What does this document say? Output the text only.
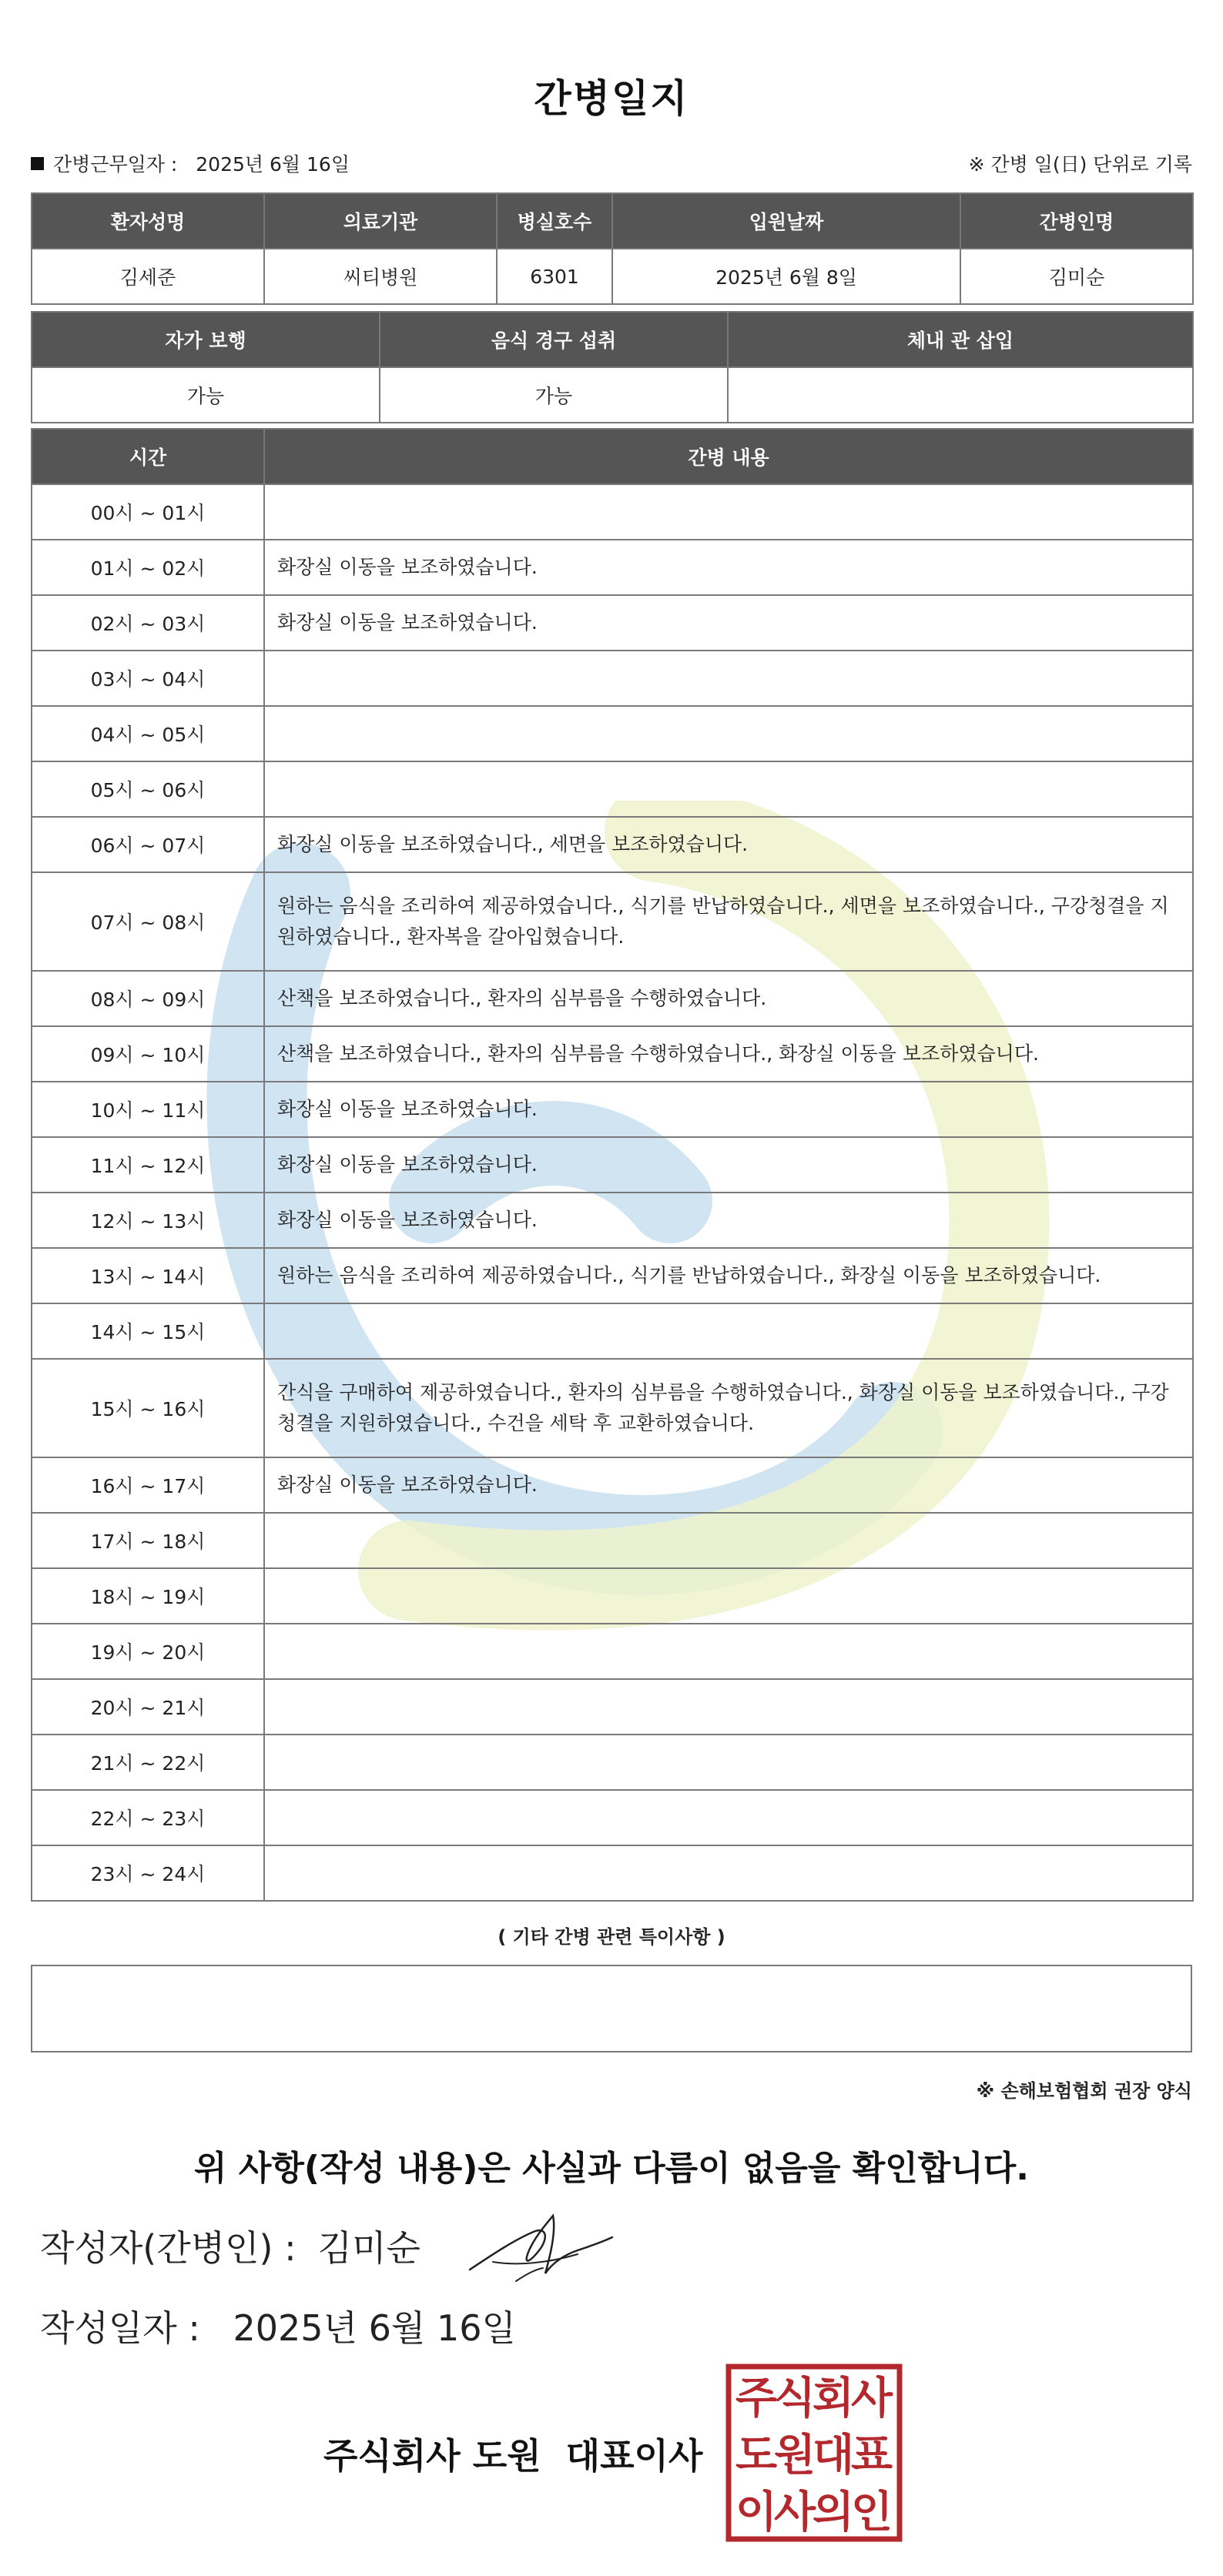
간병일지
간병근무일자 : 2025년 6월 16일	※ 간병 일(日) 단위로 기록
환자성명	의료기관	병실호수	입원날짜	간병인명
김세준	씨티병원	6301	2025년 6월 8일	김미순
자가 보행	음식 경구 섭취	체내 관 삽입
가능	가능	
시간	간병 내용
00시 ~ 01시	
01시 ~ 02시	화장실 이동을 보조하였습니다.
02시 ~ 03시	화장실 이동을 보조하였습니다.
03시 ~ 04시	
04시 ~ 05시	
05시 ~ 06시	
06시 ~ 07시	화장실 이동을 보조하였습니다., 세면을 보조하였습니다.
07시 ~ 08시	원하는 음식을 조리하여 제공하였습니다., 식기를 반납하였습니다., 세면을 보조하였습니다., 구강청결을 지원하였습니다., 환자복을 갈아입혔습니다.
08시 ~ 09시	산책을 보조하였습니다., 환자의 심부름을 수행하였습니다.
09시 ~ 10시	산책을 보조하였습니다., 환자의 심부름을 수행하였습니다., 화장실 이동을 보조하였습니다.
10시 ~ 11시	화장실 이동을 보조하였습니다.
11시 ~ 12시	화장실 이동을 보조하였습니다.
12시 ~ 13시	화장실 이동을 보조하였습니다.
13시 ~ 14시	원하는 음식을 조리하여 제공하였습니다., 식기를 반납하였습니다., 화장실 이동을 보조하였습니다.
14시 ~ 15시	
15시 ~ 16시	간식을 구매하여 제공하였습니다., 환자의 심부름을 수행하였습니다., 화장실 이동을 보조하였습니다., 구강청결을 지원하였습니다., 수건을 세탁 후 교환하였습니다.
16시 ~ 17시	화장실 이동을 보조하였습니다.
17시 ~ 18시	
18시 ~ 19시	
19시 ~ 20시	
20시 ~ 21시	
21시 ~ 22시	
22시 ~ 23시	
23시 ~ 24시	
( 기타 간병 관련 특이사항 )
※ 손해보험협회 권장 양식
위 사항(작성 내용)은 사실과 다름이 없음을 확인합니다.
작성자(간병인) : 김미순
작성일자 : 2025년 6월 16일
주식회사 도원 대표이사
주
식
회
사
도
원
대
표
이
사
의
인
